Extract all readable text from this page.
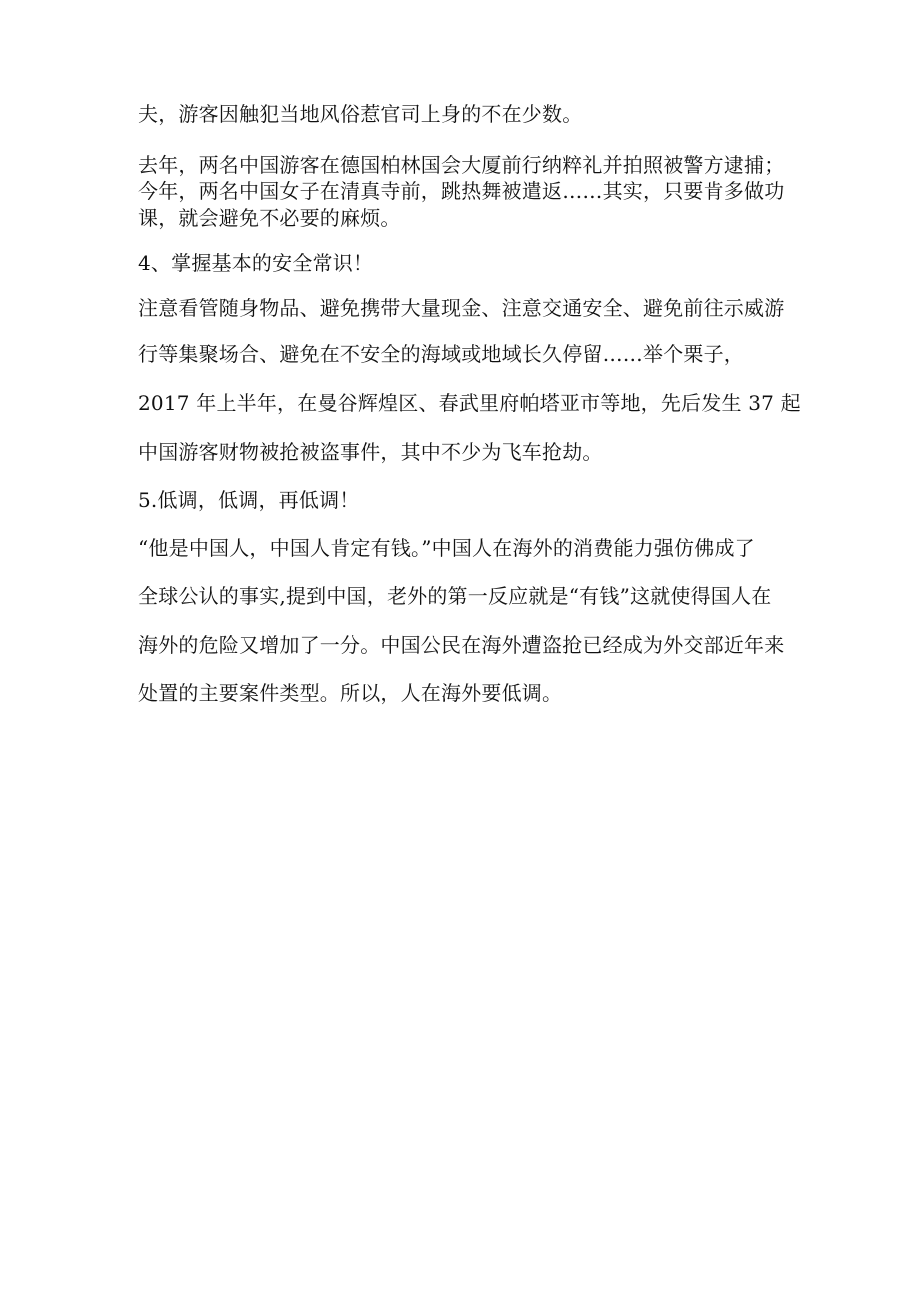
夫，游客因触犯当地风俗惹官司上身的不在少数。
去年，两名中国游客在德国柏林国会大厦前行纳粹礼并拍照被警方逮捕；
今年，两名中国女子在清真寺前，跳热舞被遣返……其实，只要肯多做功
课，就会避免不必要的麻烦。
4、掌握基本的安全常识！
注意看管随身物品、避免携带大量现金、注意交通安全、避免前往示威游
行等集聚场合、避免在不安全的海域或地域长久停留……举个栗子，
2017 年上半年，在曼谷辉煌区、春武里府帕塔亚市等地，先后发生 37 起
中国游客财物被抢被盗事件，其中不少为飞车抢劫。
5.低调，低调，再低调！
“他是中国人，中国人肯定有钱。”中国人在海外的消费能力强仿佛成了
全球公认的事实,提到中国，老外的第一反应就是“有钱”这就使得国人在
海外的危险又增加了一分。中国公民在海外遭盗抢已经成为外交部近年来
处置的主要案件类型。所以，人在海外要低调。
